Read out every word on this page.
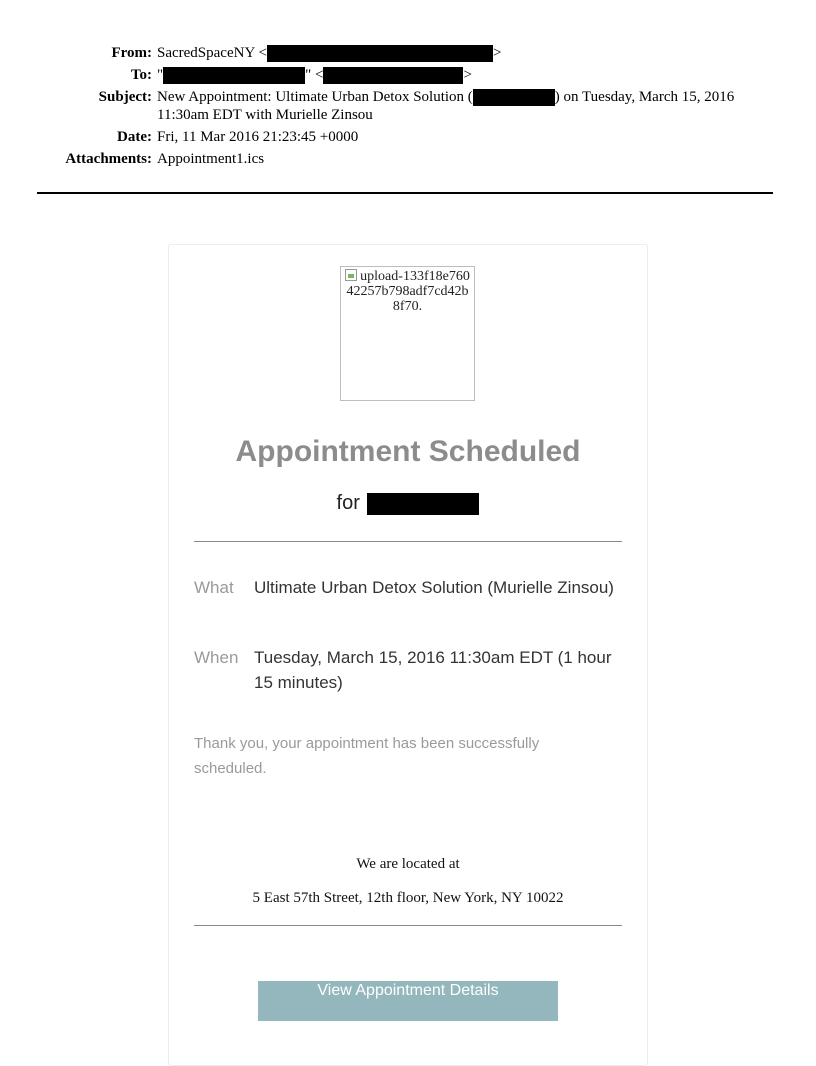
From: SacredSpaceNY <	>
To: "	" <	>
Subject: New Appointment: Ultimate Urban Detox Solution (	) on Tuesday, March 15, 2016 11:30am EDT with Murielle Zinsou
Date: Fri, 11 Mar 2016 21:23:45 +0000
Attachments: Appointment1.ics
upload-133f18e76042257b798adf7cd42b8f70.
Appointment Scheduled
for
What	Ultimate Urban Detox Solution (Murielle Zinsou)
When Tuesday, March 15, 2016 11:30am EDT (1 hour 15 minutes)
Thank you, your appointment has been successfully scheduled.
We are located at
5 East 57th Street, 12th floor, New York, NY 10022
View Appointment Details
